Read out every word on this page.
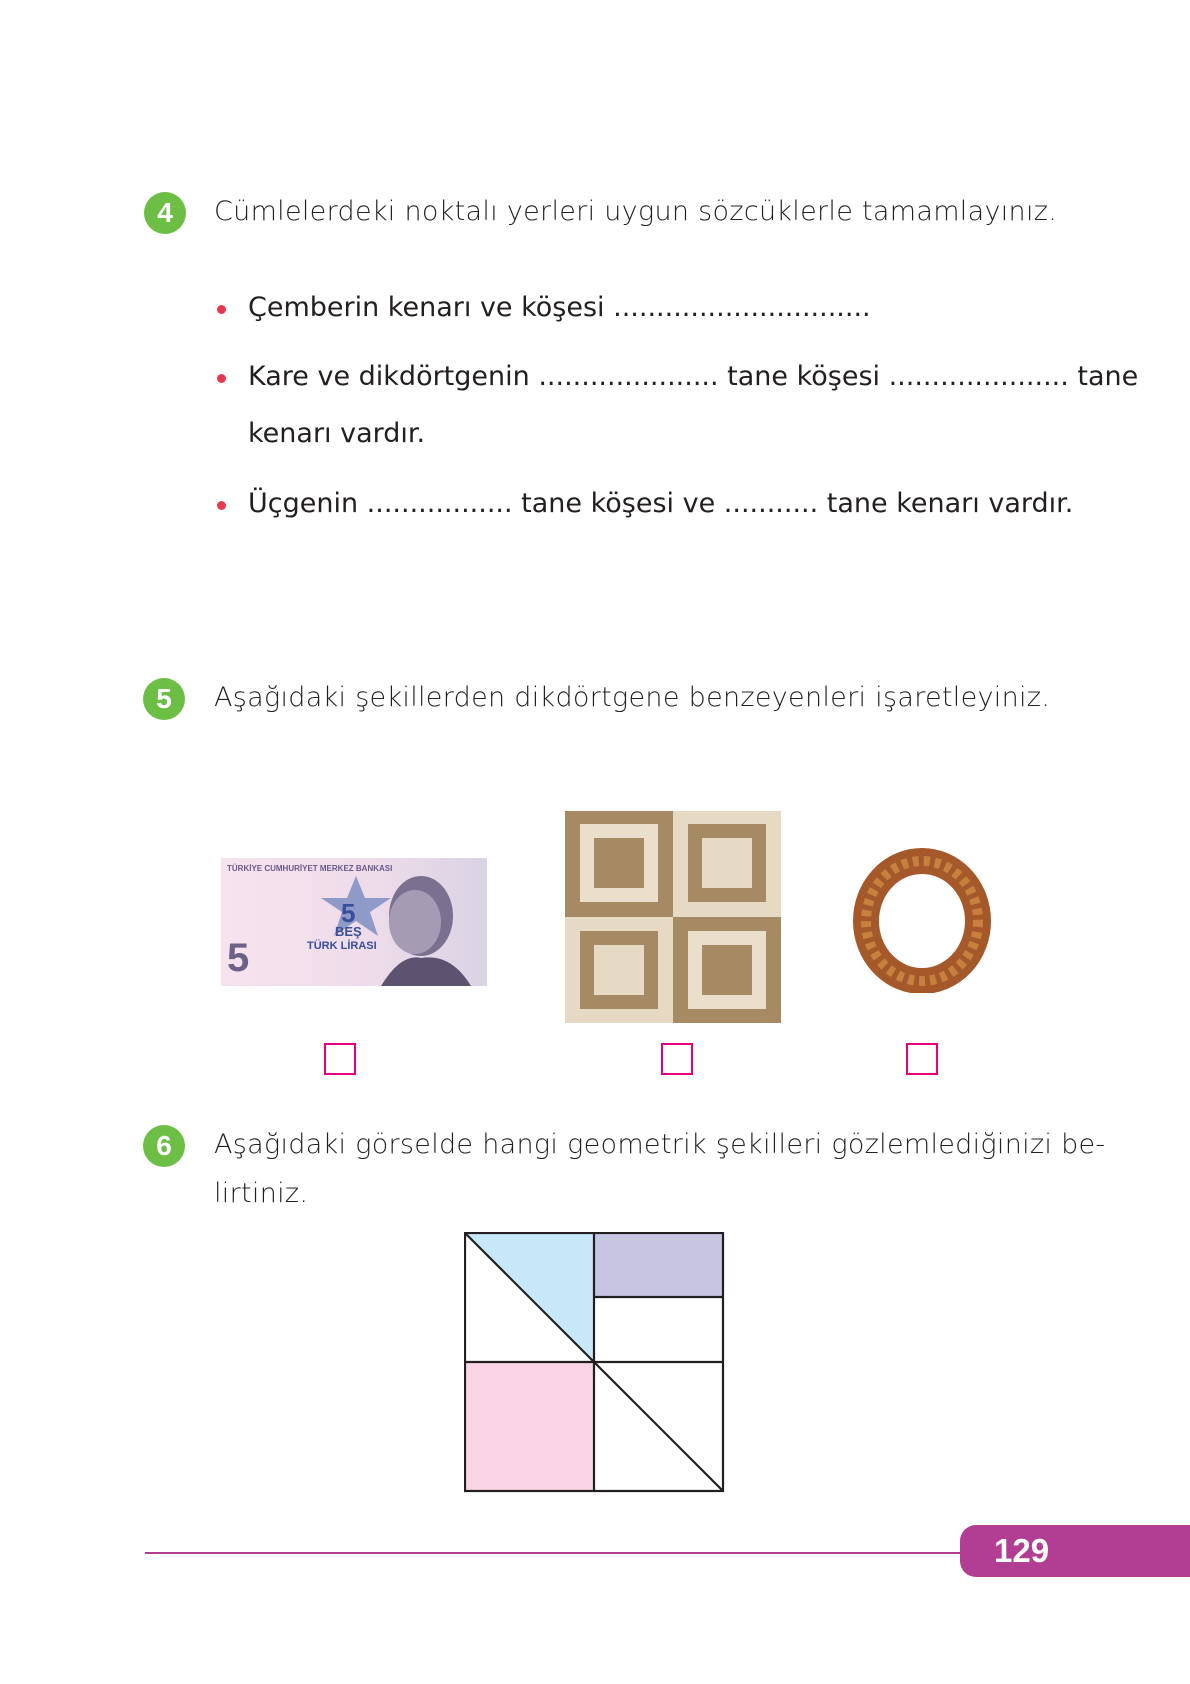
4	Cümlelerdeki noktalı yerleri uygun sözcüklerle tamamlayınız.
Çemberin kenarı ve köşesi ..............................
Kare ve dikdörtgenin ..................... tane köşesi ..................... tane
kenarı vardır.
Üçgenin ................. tane köşesi ve ........... tane kenarı vardır.
5	Aşağıdaki şekillerden dikdörtgene benzeyenleri işaretleyiniz.
TÜRKİYE CUMHURİYET MERKEZ BANKASI
5
BEŞ
TÜRK LİRASI
5
6	Aşağıdaki görselde hangi geometrik şekilleri gözlemlediğinizi be-
lirtiniz.
129
